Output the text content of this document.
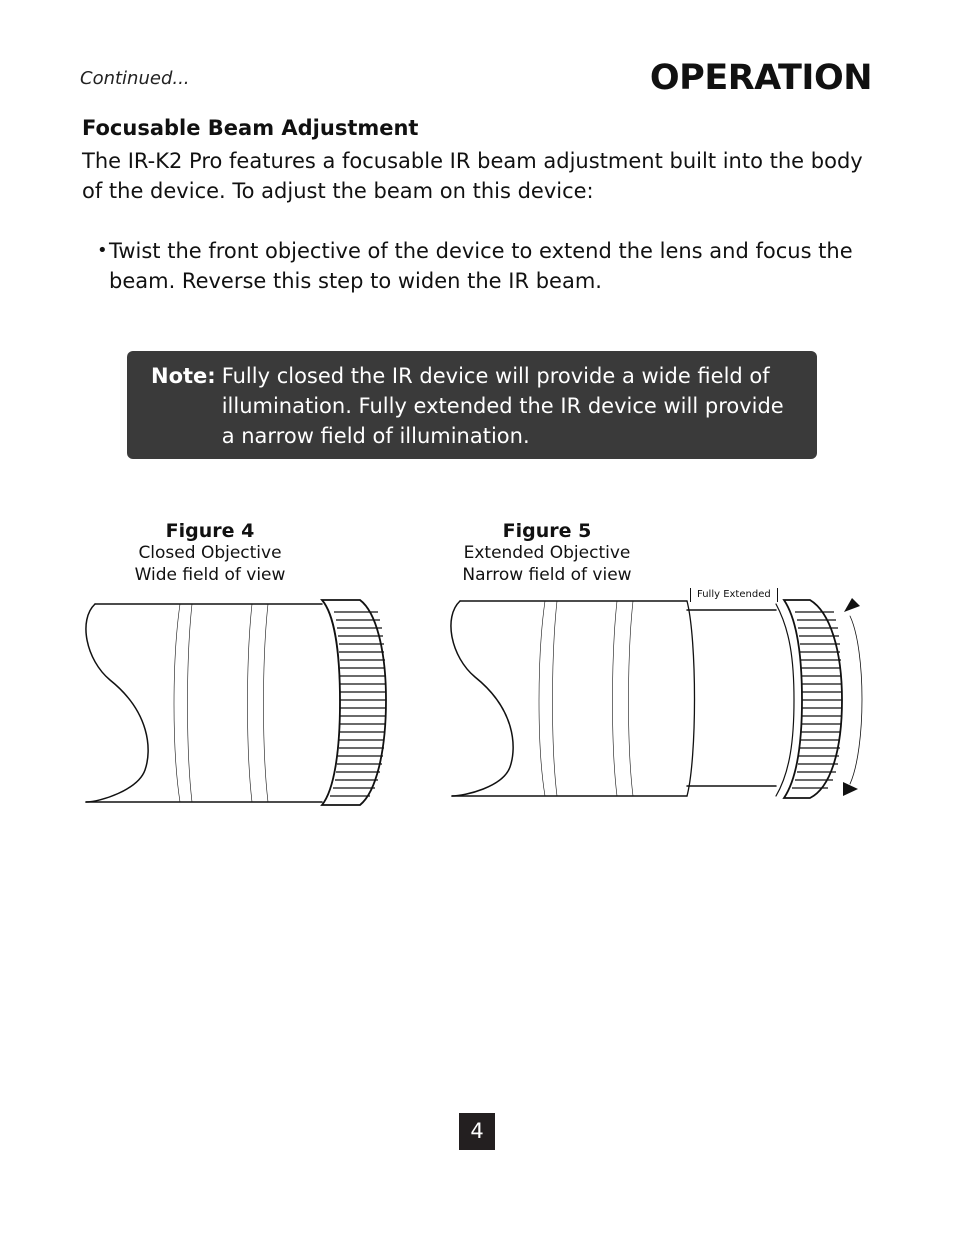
Continued...	OPERATION
Focusable Beam Adjustment

The IR-K2 Pro features a focusable IR beam adjustment built into the body of the device. To adjust the beam on this device:

• Twist the front objective of the device to extend the lens and focus the beam. Reverse this step to widen the IR beam.
Note: Fully closed the IR device will provide a wide field of illumination. Fully extended the IR device will provide a narrow field of illumination.
Figure 4
Closed Objective
Wide field of view
Figure 5
Extended Objective
Narrow field of view
Fully Extended
4
